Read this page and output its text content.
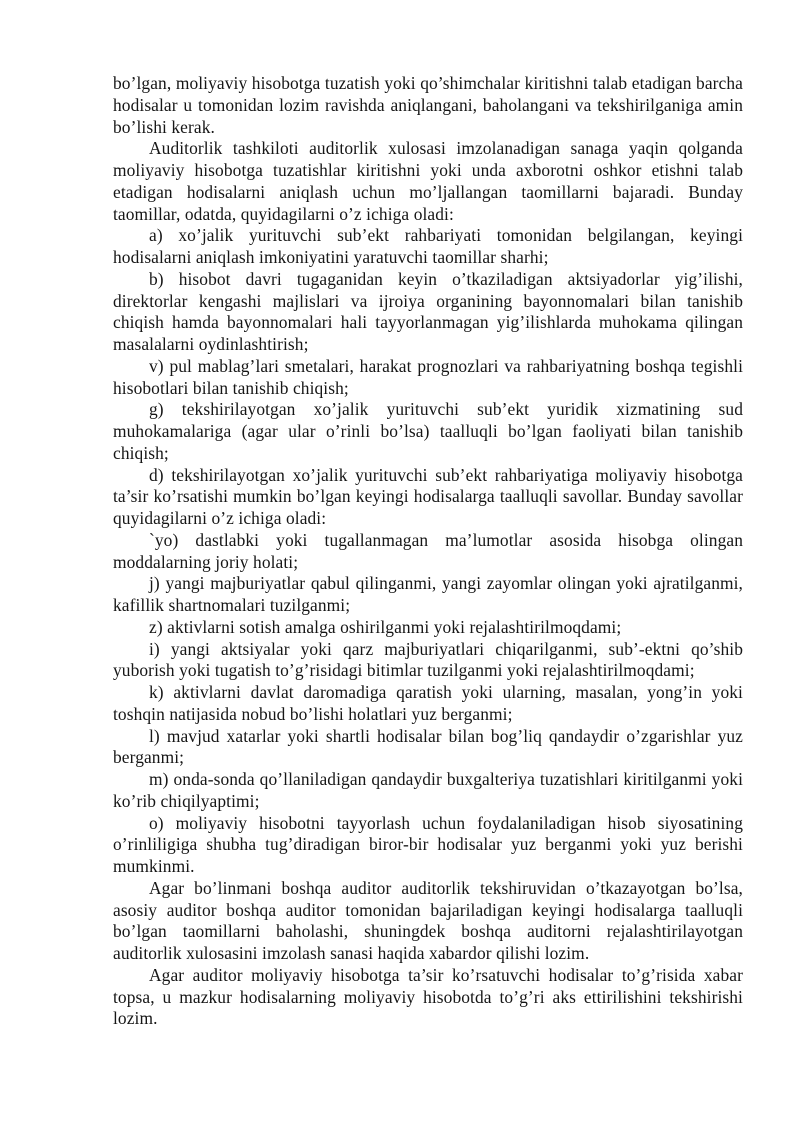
bo’lgan, moliyaviy hisobotga tuzatish yoki qo’shimchalar kiritishni talab etadigan barcha hodisalar u tomonidan lozim ravishda aniqlangani, baholangani va tekshirilganiga amin bo’lishi kerak.

Auditorlik tashkiloti auditorlik xulosasi imzolanadigan sanaga yaqin qolganda moliyaviy hisobotga tuzatishlar kiritishni yoki unda axborotni oshkor etishni talab etadigan hodisalarni aniqlash uchun mo’ljallangan taomillarni bajaradi. Bunday taomillar, odatda, quyidagilarni o’z ichiga oladi:

a) xo’jalik yurituvchi sub’ekt rahbariyati tomonidan belgilangan, keyingi hodisalarni aniqlash imkoniyatini yaratuvchi taomillar sharhi;

b) hisobot davri tugaganidan keyin o’tkaziladigan aktsiyadorlar yig’ilishi, direktorlar kengashi majlislari va ijroiya organining bayonnomalari bilan tanishib chiqish hamda bayonnomalari hali tayyorlanmagan yig’ilishlarda muhokama qilingan masalalarni oydinlashtirish;

v) pul mablag’lari smetalari, harakat prognozlari va rahbariyatning boshqa tegishli hisobotlari bilan tanishib chiqish;

g) tekshirilayotgan xo’jalik yurituvchi sub’ekt yuridik xizmatining sud muhokamalariga (agar ular o’rinli bo’lsa) taalluqli bo’lgan faoliyati bilan tanishib chiqish;

d) tekshirilayotgan xo’jalik yurituvchi sub’ekt rahbariyatiga moliyaviy hisobotga ta’sir ko’rsatishi mumkin bo’lgan keyingi hodisalarga taalluqli savollar. Bunday savollar quyidagilarni o’z ichiga oladi:

`yo) dastlabki yoki tugallanmagan ma’lumotlar asosida hisobga olingan moddalarning joriy holati;

j) yangi majburiyatlar qabul qilinganmi, yangi zayomlar olingan yoki ajratilganmi, kafillik shartnomalari tuzilganmi;

z) aktivlarni sotish amalga oshirilganmi yoki rejalashtirilmoqdami;

i) yangi aktsiyalar yoki qarz majburiyatlari chiqarilganmi, sub’-ektni qo’shib yuborish yoki tugatish to’g’risidagi bitimlar tuzilganmi yoki rejalashtirilmoqdami;

k) aktivlarni davlat daromadiga qaratish yoki ularning, masalan, yong’in yoki toshqin natijasida nobud bo’lishi holatlari yuz berganmi;

l) mavjud xatarlar yoki shartli hodisalar bilan bog’liq qandaydir o’zgarishlar yuz berganmi;

m) onda-sonda qo’llaniladigan qandaydir buxgalteriya tuzatishlari kiritilganmi yoki ko’rib chiqilyaptimi;

o) moliyaviy hisobotni tayyorlash uchun foydalaniladigan hisob siyosatining o’rinliligiga shubha tug’diradigan biror-bir hodisalar yuz berganmi yoki yuz berishi mumkinmi.

Agar bo’linmani boshqa auditor auditorlik tekshiruvidan o’tkazayotgan bo’lsa, asosiy auditor boshqa auditor tomonidan bajariladigan keyingi hodisalarga taalluqli bo’lgan taomillarni baholashi, shuningdek boshqa auditorni rejalashtirilayotgan auditorlik xulosasini imzolash sanasi haqida xabardor qilishi lozim.

Agar auditor moliyaviy hisobotga ta’sir ko’rsatuvchi hodisalar to’g’risida xabar topsa, u mazkur hodisalarning moliyaviy hisobotda to’g’ri aks ettirilishini tekshirishi lozim.
